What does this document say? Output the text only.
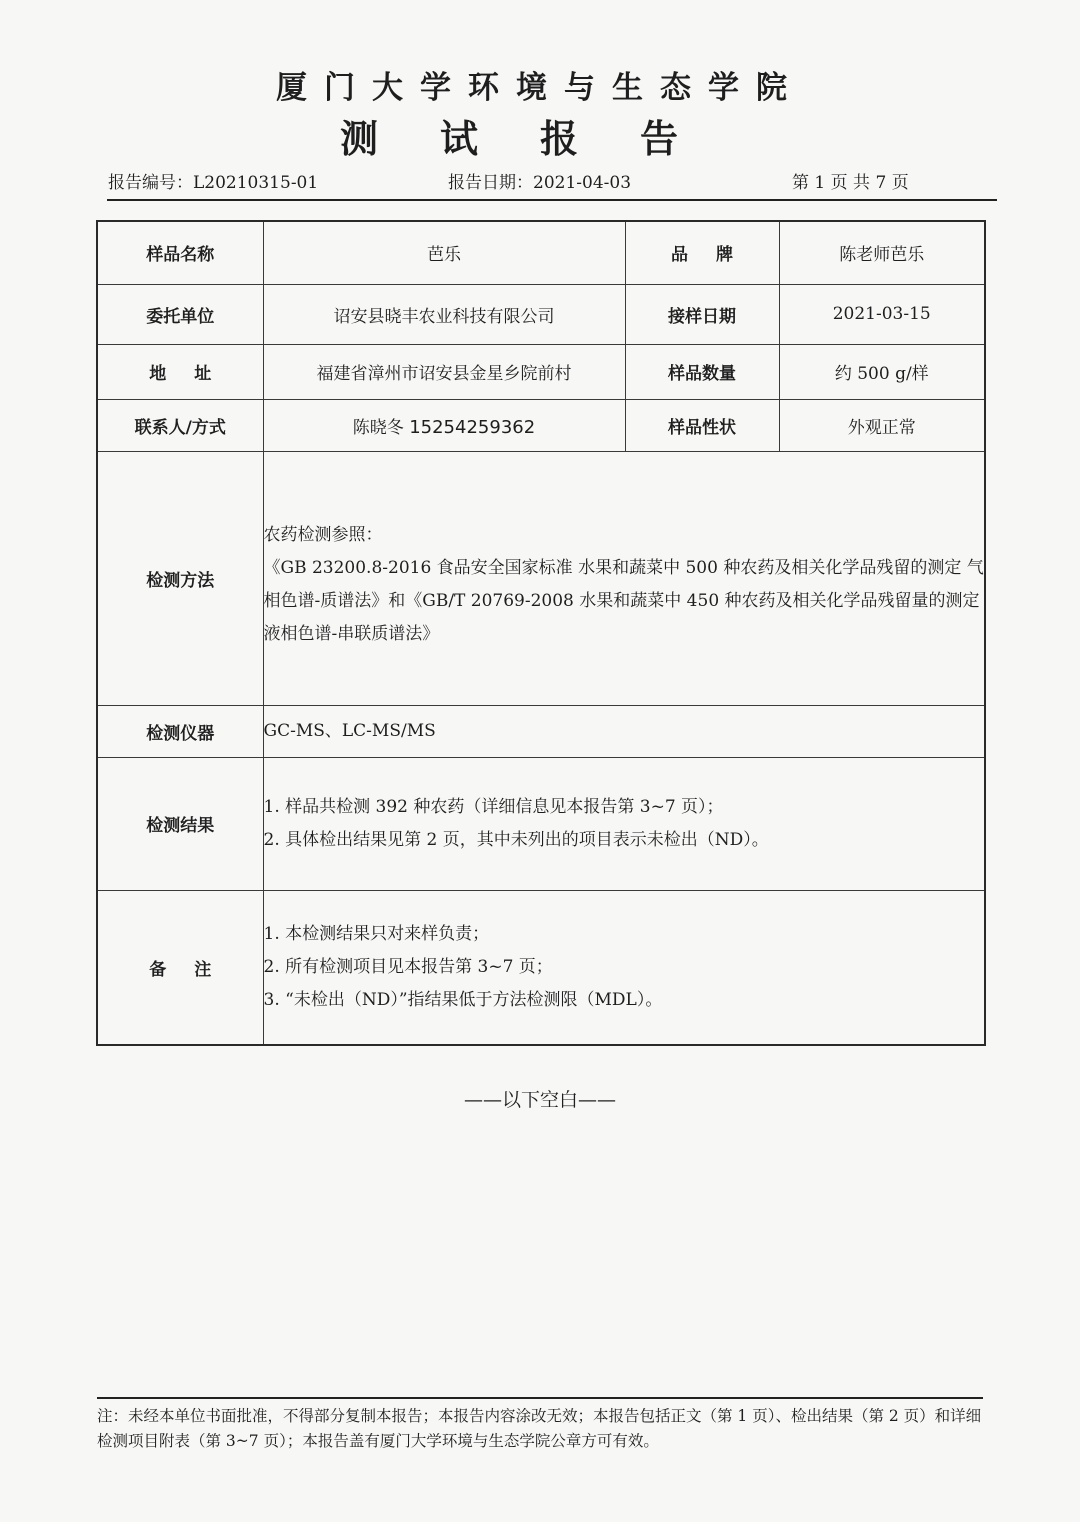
厦门大学环境与生态学院
测试报告
报告编号：L20210315-01	报告日期：2021-04-03	第 1 页 共 7 页
样品名称	芭乐	品牌	陈老师芭乐
委托单位	诏安县晓丰农业科技有限公司	接样日期	2021-03-15
地址	福建省漳州市诏安县金星乡院前村	样品数量	约 500 g/样
联系人/方式	陈晓冬 15254259362	样品性状	外观正常
检测方法	农药检测参照：
《GB 23200.8-2016 食品安全国家标准 水果和蔬菜中 500 种农药及相关化学品残留的测定 气相色谱-质谱法》和《GB/T 20769-2008 水果和蔬菜中 450 种农药及相关化学品残留量的测定 液相色谱-串联质谱法》		

检测仪器	GC-MS、LC-MS/MS		
检测结果	1. 样品共检测 392 种农药（详细信息见本报告第 3~7 页）；
2. 具体检出结果见第 2 页，其中未列出的项目表示未检出（ND）。		

备注	1. 本检测结果只对来样负责；
2. 所有检测项目见本报告第 3~7 页；
3. “未检出（ND）”指结果低于方法检测限（MDL）。		
——以下空白——
注：未经本单位书面批准，不得部分复制本报告；本报告内容涂改无效；本报告包括正文（第 1 页）、检出结果（第 2 页）和详细检测项目附表（第 3~7 页）；本报告盖有厦门大学环境与生态学院公章方可有效。
